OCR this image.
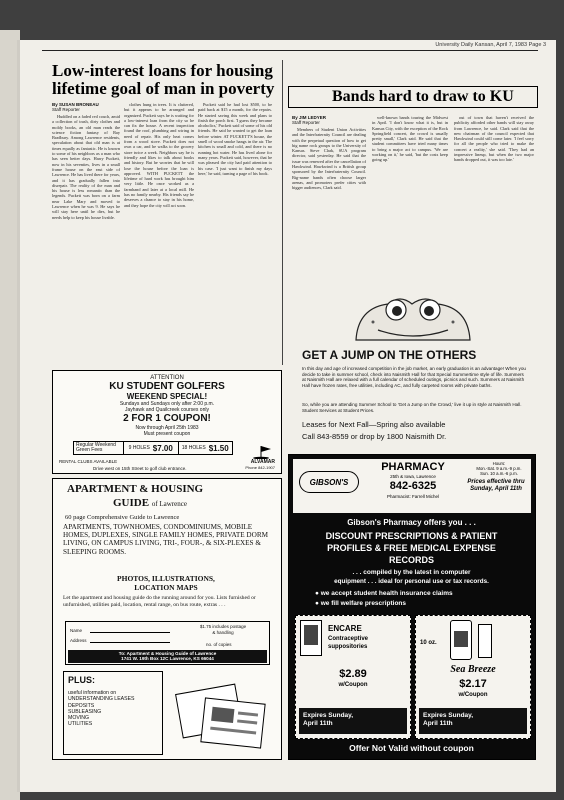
University Daily Kansan, April 7, 1983 Page 3
Low-interest loans for housing
lifetime goal of man in poverty
By SUSAN BRONEAU
Staff Reporter

Huddled on a faded red couch, amid a collection of trash, dirty clothes and moldy books, an old man reads the science fiction fantasy of Ray Bradbury. Among Lawrence residents, speculation about that old man is at times equally as fantastic. He is known to some of his neighbors as a man who has seen better days. Harry Puckett, now in his seventies, lives in a small frame house on the east side of Lawrence. He has lived there for years, and it has gradually fallen into disrepair. The reality of the man and his house is less romantic than the legends. Puckett was born on a farm near Lake Mary and moved to Lawrence when he was 9. He says he will stay here until he dies, but he needs help to keep his house livable.

clothes hung in trees. It is cluttered, but it appears to be arranged and organized. Puckett says he is waiting for a low-interest loan from the city so he can fix the house. A recent inspection found the roof, plumbing and wiring in need of repair. His only heat comes from a wood stove. Puckett does not own a car, and he walks to the grocery store twice a week. Neighbors say he is friendly and likes to talk about books and history. But he worries that he will lose the house before the loan is approved. WITH PUCKETT the lifetime of hard work has brought him very little. He once worked as a farmhand and later at a local mill. He has no family nearby. His friends say he deserves a chance to stay in his home, and they hope the city will act soon.

Puckett said he had lost $500, to be paid back at $15 a month, for the repairs. He started saving this week and plans to finish the porch first. 'I guess they became alcoholics,' Puckett said of some of his old friends. He said he wanted to get the loan before winter. AT PUCKETT'S house, the smell of wood smoke hangs in the air. The kitchen is small and cold, and there is no running hot water. He has lived alone for many years. Puckett said, however, that he was pleased the city had paid attention to his case. 'I just want to finish my days here,' he said, turning a page of his book.

Bands hard to draw to KU
By JIM LEDYER
Staff Reporter

Members of Student Union Activities and the Interfraternity Council are dealing with the perpetual question of how to get big name rock groups to the University of Kansas. Steve Clark, SUA program director, said yesterday. He said that the issue was renewed after the cancellation of Hawkwind. Hawkwind is a British group sponsored by the Interfraternity Council. Big-name bands often choose larger arenas, and promoters prefer cities with bigger audiences, Clark said.

well-known bands touring the Midwest in April. 'I don't know what it is, but in Kansas City, with the exception of the Rock Springfield concert, the crowd is usually pretty small,' Clark said. He said that the student committees have tried many times to bring a major act to campus. 'We are working on it,' he said, 'but the costs keep going up.'

out of town that haven't received the publicity afforded other bands will stay away from Lawrence, he said. Clark said that the new chairman of the council expected that Hawkwind could still come later. 'I feel sorry for all the people who tried to make the concert a reality,' she said. 'They had an impressive lineup, but when the two major bands dropped out, it was too late.'

ATTENTION
KU STUDENT GOLFERS
WEEKEND SPECIAL!
Sundays and Sundays only after 2:00 p.m.
Jayhawk and Quailcreek courses only
2 FOR 1 COUPON!
Now through April 25th 1983
Must present coupon
Regular Weekend
Green Fees	9 HOLES $7.00 18 HOLES $1.50
RENTAL CLUBS AVAILABLE
Drive west on 15th Street to golf club entrance.
ALVAMAR
Phone 842-1907
GET A JUMP ON THE OTHERS
In this day and age of increased competition in the job market, an early graduation is an advantage! When you decide to take in summer school, check into Naismith Hall for that Special Summertime style of life. Summers at Naismith Hall are relaxed with a full calendar of scheduled outings, picnics and such. Summers at Naismith Hall have frozen rates, free utilities, including AC, and fully carpeted rooms with private baths.
So, while you are attending Summer School to 'Get a Jump on the Crowd,' live it up in style at Naismith Hall. Student Services at Student Prices.
Leases for Next Fall—Spring also available
Call 843-8559 or drop by 1800 Naismith Dr.
APARTMENT & HOUSING
GUIDE of Lawrence
60 page Comprehensive Guide to Lawrence
APARTMENTS, TOWNHOMES, CONDOMINIUMS, MOBILE HOMES, DUPLEXES, SINGLE FAMILY HOMES, PRIVATE DORM LIVING, ON CAMPUS LIVING, TRI-, FOUR-, & SIX-PLEXES & SLEEPING ROOMS.
PHOTOS, ILLUSTRATIONS,
LOCATION MAPS
Let the apartment and housing guide do the running around for you. Lists furnished or unfurnished, utilities paid, location, rental range, on bus route, extras . . .
Name
Address
$1.75 includes postage
& handling
no. of copies
To: Apartment & Housing Guide of Lawrence
1741 W. 19th Box 12C Lawrence, KS 66044
PLUS:
useful information on
UNDERSTANDING LEASES
DEPOSITS
SUBLEASING
MOVING
UTILITIES
GIBSON'S
PHARMACY
25th & Iowa, Lawrence
842-6325
Pharmacist: Farrell Michel
Hours:
Mon.-Sat. 9 a.m.-9 p.m.
Sun. 10 a.m.-6 p.m.
Prices effective thru
Sunday, April 11th
Gibson's Pharmacy offers you . . .
DISCOUNT PRESCRIPTIONS & PATIENT
PROFILES & FREE MEDICAL EXPENSE
RECORDS
. . . compiled by the latest in computer
equipment . . . ideal for personal use or tax records.
● we accept student health insurance claims
● we fill welfare prescriptions
ENCARE
Contraceptive
suppositories
$2.89
w/Coupon
Expires Sunday,
April 11th
10 oz.
Sea Breeze
$2.17
w/Coupon
Expires Sunday,
April 11th
Offer Not Valid without coupon
